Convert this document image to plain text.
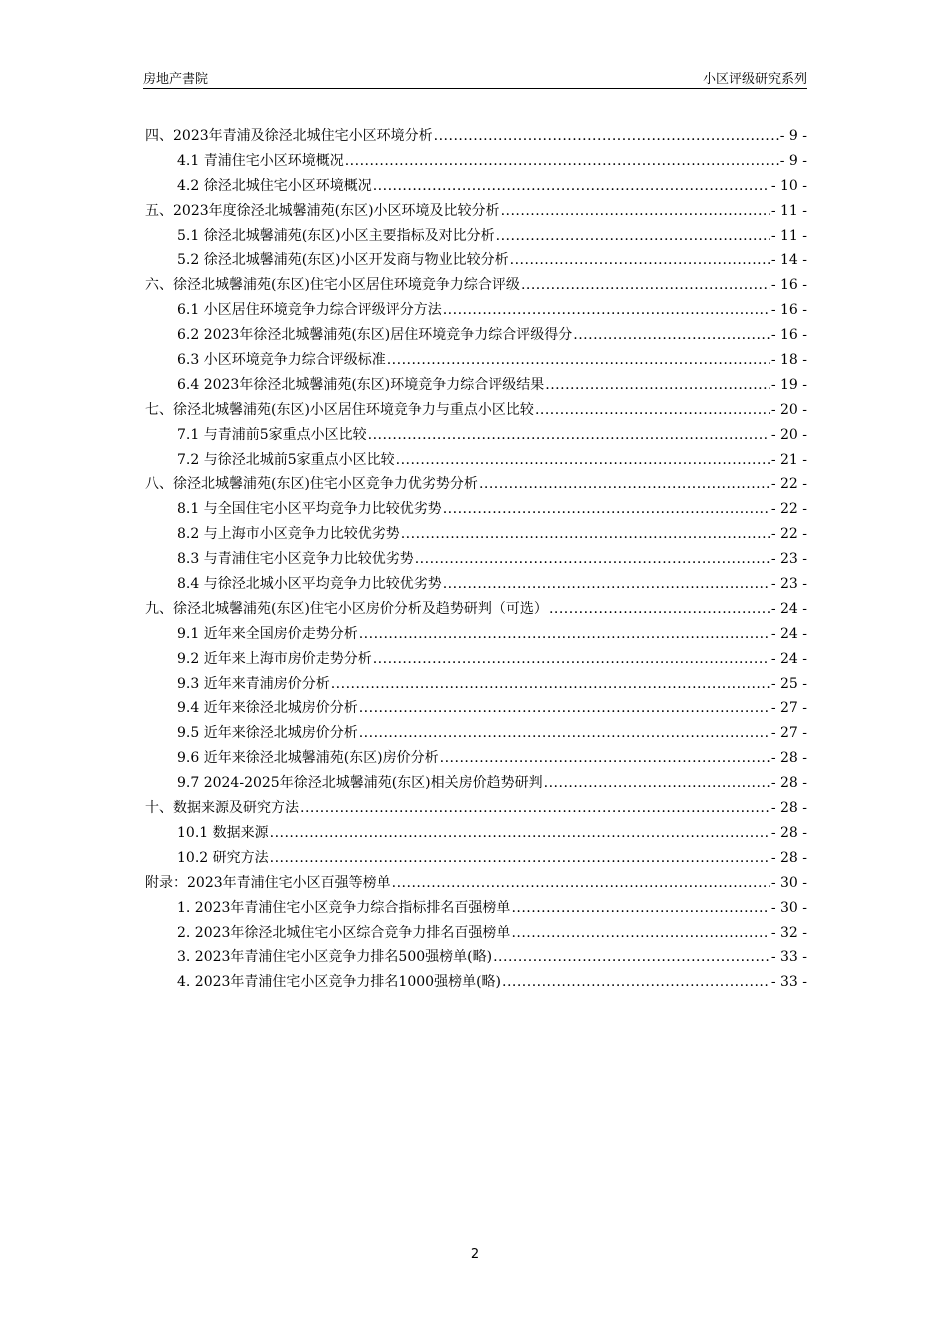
房地产書院	小区评级研究系列
四、2023年青浦及徐泾北城住宅小区环境分析 .....	- 9 -
4.1 青浦住宅小区环境概况 .....	- 9 -
4.2 徐泾北城住宅小区环境概况 .....	- 10 -
五、2023年度徐泾北城馨浦苑(东区)小区环境及比较分析 .....	- 11 -
5.1 徐泾北城馨浦苑(东区)小区主要指标及对比分析 .....	- 11 -
5.2 徐泾北城馨浦苑(东区)小区开发商与物业比较分析 .....	- 14 -
六、徐泾北城馨浦苑(东区)住宅小区居住环境竞争力综合评级 .....	- 16 -
6.1 小区居住环境竞争力综合评级评分方法 .....	- 16 -
6.2 2023年徐泾北城馨浦苑(东区)居住环境竞争力综合评级得分 .....	- 16 -
6.3 小区环境竞争力综合评级标准 .....	- 18 -
6.4 2023年徐泾北城馨浦苑(东区)环境竞争力综合评级结果 .....	- 19 -
七、徐泾北城馨浦苑(东区)小区居住环境竞争力与重点小区比较 .....	- 20 -
7.1 与青浦前5家重点小区比较 .....	- 20 -
7.2 与徐泾北城前5家重点小区比较 .....	- 21 -
八、徐泾北城馨浦苑(东区)住宅小区竞争力优劣势分析 .....	- 22 -
8.1 与全国住宅小区平均竞争力比较优劣势 .....	- 22 -
8.2 与上海市小区竞争力比较优劣势 .....	- 22 -
8.3 与青浦住宅小区竞争力比较优劣势 .....	- 23 -
8.4 与徐泾北城小区平均竞争力比较优劣势 .....	- 23 -
九、徐泾北城馨浦苑(东区)住宅小区房价分析及趋势研判（可选） .....	- 24 -
9.1 近年来全国房价走势分析 .....	- 24 -
9.2 近年来上海市房价走势分析 .....	- 24 -
9.3 近年来青浦房价分析 .....	- 25 -
9.4 近年来徐泾北城房价分析 .....	- 27 -
9.5 近年来徐泾北城房价分析 .....	- 27 -
9.6 近年来徐泾北城馨浦苑(东区)房价分析 .....	- 28 -
9.7 2024-2025年徐泾北城馨浦苑(东区)相关房价趋势研判 .....	- 28 -
十、数据来源及研究方法 .....	- 28 -
10.1 数据来源 .....	- 28 -
10.2 研究方法 .....	- 28 -
附录：2023年青浦住宅小区百强等榜单 .....	- 30 -
1. 2023年青浦住宅小区竞争力综合指标排名百强榜单 .....	- 30 -
2. 2023年徐泾北城住宅小区综合竞争力排名百强榜单 .....	- 32 -
3. 2023年青浦住宅小区竞争力排名500强榜单(略) .....	- 33 -
4. 2023年青浦住宅小区竞争力排名1000强榜单(略) .....	- 33 -
2
